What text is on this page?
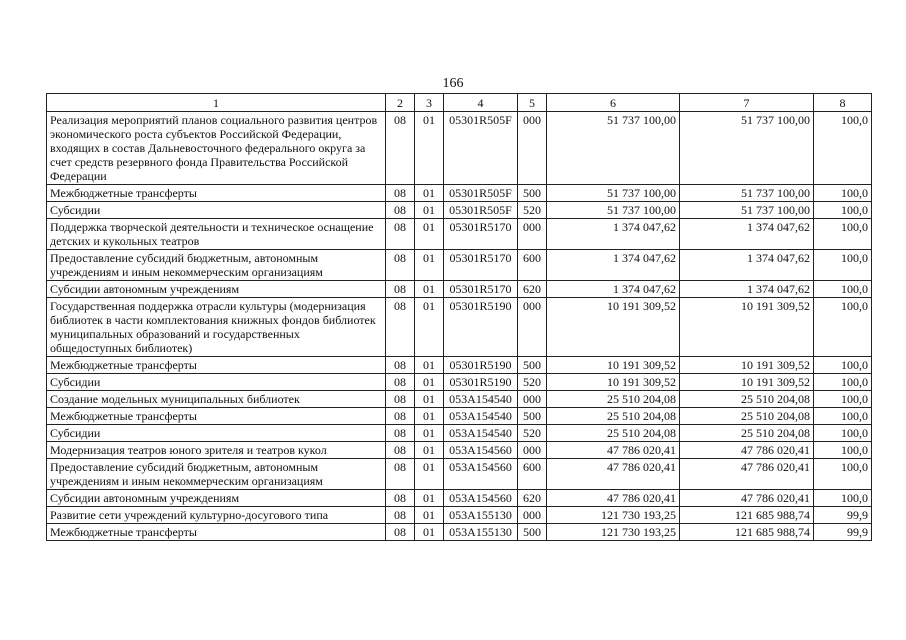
166
1	2	3	4	5	6	7	8
Реализация мероприятий планов социального развития центров экономического роста субъектов Российской Федерации, входящих в состав Дальневосточного федерального округа за счет средств резервного фонда Правительства Российской Федерации	08	01	05301R505F	000	51 737 100,00	51 737 100,00	100,0
Межбюджетные трансферты	08	01	05301R505F	500	51 737 100,00	51 737 100,00	100,0
Субсидии	08	01	05301R505F	520	51 737 100,00	51 737 100,00	100,0
Поддержка творческой деятельности и техническое оснащение детских и кукольных театров	08	01	05301R5170	000	1 374 047,62	1 374 047,62	100,0
Предоставление субсидий бюджетным, автономным учреждениям и иным некоммерческим организациям	08	01	05301R5170	600	1 374 047,62	1 374 047,62	100,0
Субсидии автономным учреждениям	08	01	05301R5170	620	1 374 047,62	1 374 047,62	100,0
Государственная поддержка отрасли культуры (модернизация библиотек в части комплектования книжных фондов библиотек муниципальных образований и государственных общедоступных библиотек)	08	01	05301R5190	000	10 191 309,52	10 191 309,52	100,0
Межбюджетные трансферты	08	01	05301R5190	500	10 191 309,52	10 191 309,52	100,0
Субсидии	08	01	05301R5190	520	10 191 309,52	10 191 309,52	100,0
Создание модельных муниципальных библиотек	08	01	053A154540	000	25 510 204,08	25 510 204,08	100,0
Межбюджетные трансферты	08	01	053A154540	500	25 510 204,08	25 510 204,08	100,0
Субсидии	08	01	053A154540	520	25 510 204,08	25 510 204,08	100,0
Модернизация театров юного зрителя и театров кукол	08	01	053A154560	000	47 786 020,41	47 786 020,41	100,0
Предоставление субсидий бюджетным, автономным учреждениям и иным некоммерческим организациям	08	01	053A154560	600	47 786 020,41	47 786 020,41	100,0
Субсидии автономным учреждениям	08	01	053A154560	620	47 786 020,41	47 786 020,41	100,0
Развитие сети учреждений культурно-досугового типа	08	01	053A155130	000	121 730 193,25	121 685 988,74	99,9
Межбюджетные трансферты	08	01	053A155130	500	121 730 193,25	121 685 988,74	99,9
